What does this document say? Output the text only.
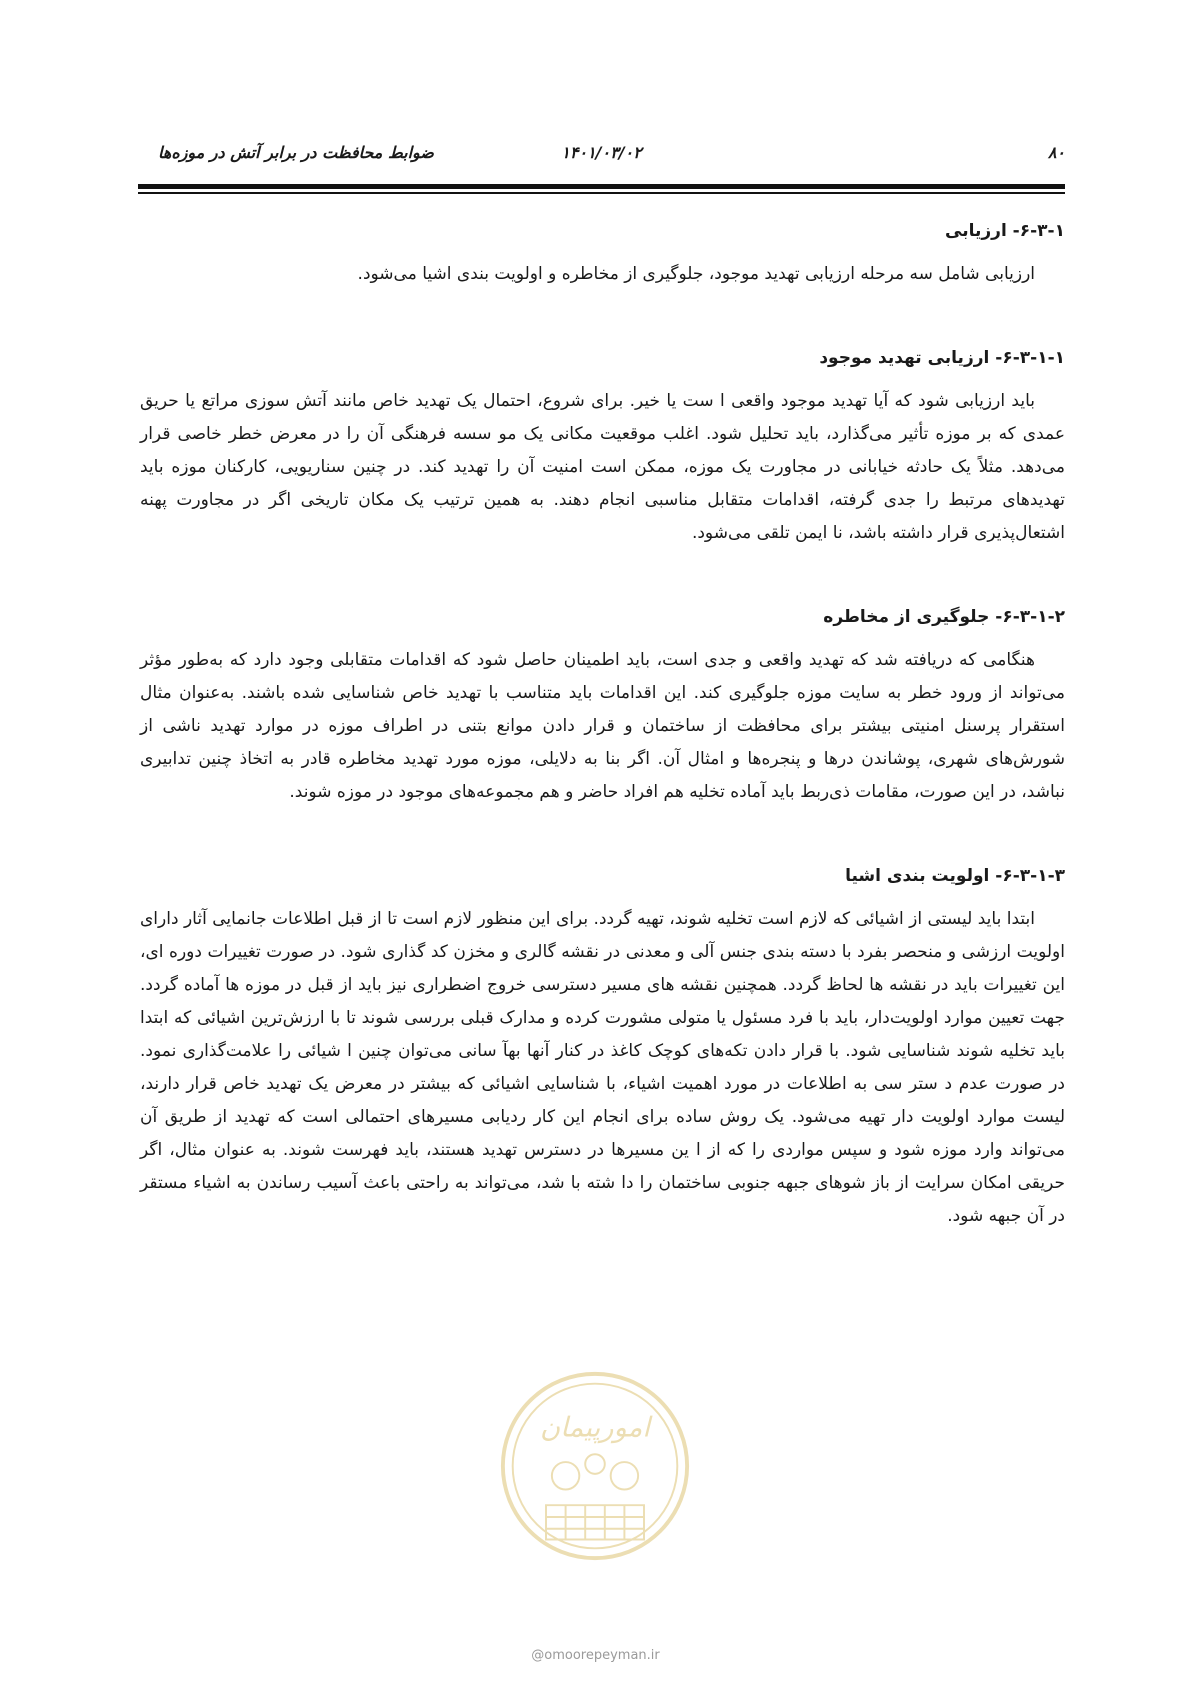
۸۰
۱۴۰۱/۰۳/۰۲
ضوابط محافظت در برابر آتش در موزه‌ها
۶-۳-۱- ارزیابی

ارزیابی شامل سه مرحله ارزیابی تهدید موجود، جلوگیری از مخاطره و اولویت بندی اشیا می‌شود.

۶-۳-۱-۱- ارزیابی تهدید موجود

باید ارزیابی شود که آیا تهدید موجود واقعی ا ست یا خیر. برای شروع، احتمال یک تهدید خاص مانند آتش سوزی مراتع یا حریق عمدی که بر موزه تأثیر می‌گذارد، باید تحلیل شود. اغلب موقعیت مکانی یک مو سسه فرهنگی آن را در معرض خطر خاصی قرار می‌دهد. مثلاً یک حادثه خیابانی در مجاورت یک موزه، ممکن است امنیت آن را تهدید کند. در چنین سناریویی، کارکنان موزه باید تهدیدهای مرتبط را جدی گرفته، اقدامات متقابل مناسبی انجام دهند. به همین ترتیب یک مکان تاریخی اگر در مجاورت پهنه اشتعال‌پذیری قرار داشته باشد، نا ایمن تلقی می‌شود.

۶-۳-۱-۲- جلوگیری از مخاطره

هنگامی که دریافته شد که تهدید واقعی و جدی است، باید اطمینان حاصل شود که اقدامات متقابلی وجود دارد که به‌طور مؤثر می‌تواند از ورود خطر به سایت موزه جلوگیری کند. این اقدامات باید متناسب با تهدید خاص شناسایی شده باشند. به‌عنوان مثال استقرار پرسنل امنیتی بیشتر برای محافظت از ساختمان و قرار دادن موانع بتنی در اطراف موزه در موارد تهدید ناشی از شورش‌های شهری، پوشاندن درها و پنجره‌ها و امثال آن. اگر بنا به دلایلی، موزه مورد تهدید مخاطره قادر به اتخاذ چنین تدابیری نباشد، در این صورت، مقامات ذی‌ربط باید آماده تخلیه هم افراد حاضر و هم مجموعه‌های موجود در موزه شوند.

۶-۳-۱-۳- اولویت بندی اشیا

ابتدا باید لیستی از اشیائی که لازم است تخلیه شوند، تهیه گردد. برای این منظور لازم است تا از قبل اطلاعات جانمایی آثار دارای اولویت ارزشی و منحصر بفرد با دسته بندی جنس آلی و معدنی در نقشه گالری و مخزن کد گذاری شود. در صورت تغییرات دوره ای، این تغییرات باید در نقشه ها لحاظ گردد. همچنین نقشه های مسیر دسترسی خروج اضطراری نیز باید از قبل در موزه ها آماده گردد. جهت تعیین موارد اولویت‌دار، باید با فرد مسئول یا متولی مشورت کرده و مدارک قبلی بررسی شوند تا با ارزش‌ترین اشیائی که ابتدا باید تخلیه شوند شناسایی شود. با قرار دادن تکه‌های کوچک کاغذ در کنار آنها بهآ سانی می‌توان چنین ا شیائی را علامت‌گذاری نمود. در صورت عدم د ستر سی به اطلاعات در مورد اهمیت اشیاء، با شناسایی اشیائی که بیشتر در معرض یک تهدید خاص قرار دارند، لیست موارد اولویت دار تهیه می‌شود. یک روش ساده برای انجام این کار ردیابی مسیرهای احتمالی است که تهدید از طریق آن می‌تواند وارد موزه شود و سپس مواردی را که از ا ین مسیرها در دسترس تهدید هستند، باید فهرست شوند. به عنوان مثال، اگر حریقی امکان سرایت از باز شوهای جبهه جنوبی ساختمان را دا شته با شد، می‌تواند به راحتی باعث آسیب رساندن به اشیاء مستقر در آن جبهه شود.

امورپیمان
@omoorepeyman.ir
